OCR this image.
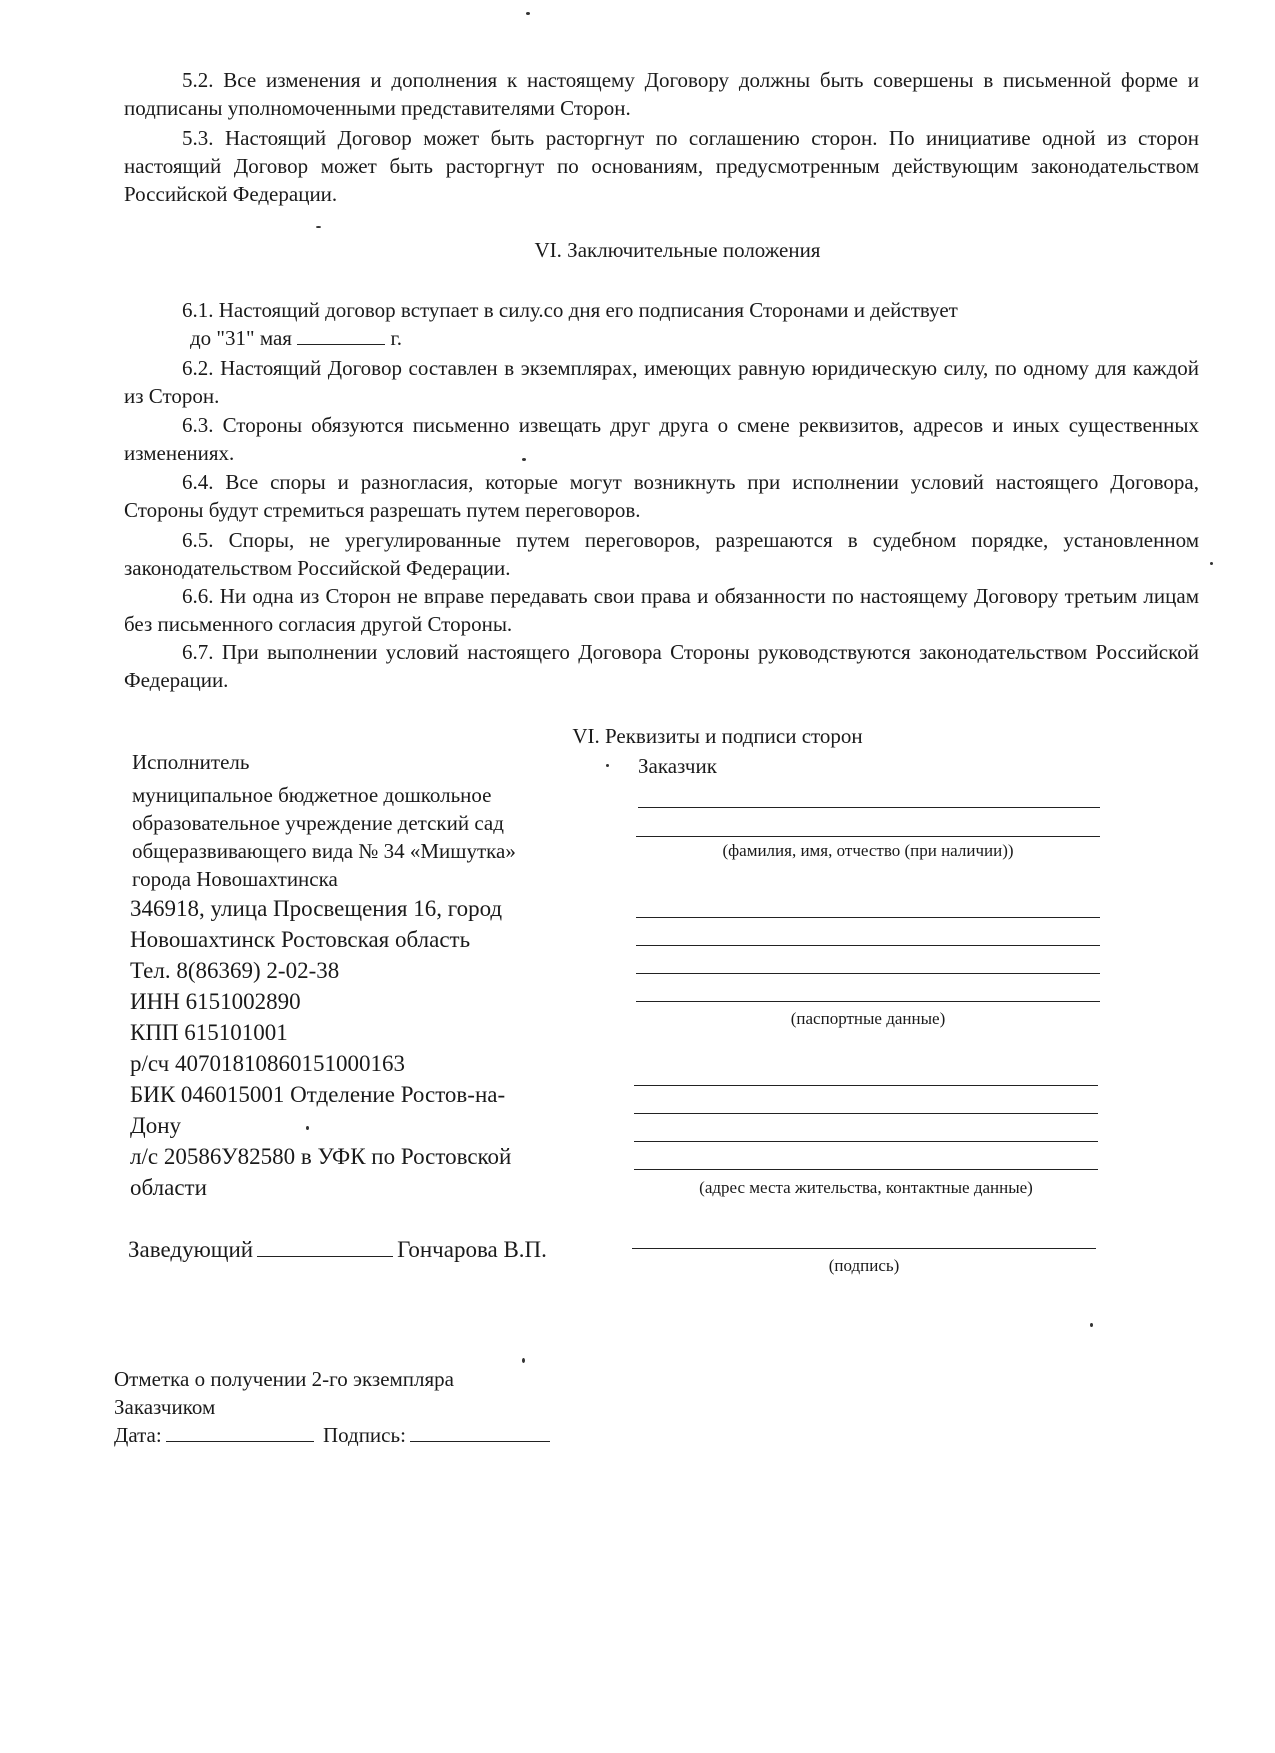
5.2. Все изменения и дополнения к настоящему Договору должны быть совершены в письменной форме и подписаны уполномоченными представителями Сторон.
5.3. Настоящий Договор может быть расторгнут по соглашению сторон. По инициативе одной из сторон настоящий Договор может быть расторгнут по основаниям, предусмотренным действующим законодательством Российской Федерации.
VI. Заключительные положения
6.1. Настоящий договор вступает в силу.со дня его подписания Сторонами и действует
до "31" мая	г.
6.2. Настоящий Договор составлен в экземплярах, имеющих равную юридическую силу, по одному для каждой из Сторон.
6.3. Стороны обязуются письменно извещать друг друга о смене реквизитов, адресов и иных существенных изменениях.
6.4. Все споры и разногласия, которые могут возникнуть при исполнении условий настоящего Договора, Стороны будут стремиться разрешать путем переговоров.
6.5. Споры, не урегулированные путем переговоров, разрешаются в судебном порядке, установленном законодательством Российской Федерации.
6.6. Ни одна из Сторон не вправе передавать свои права и обязанности по настоящему Договору третьим лицам без письменного согласия другой Стороны.
6.7. При выполнении условий настоящего Договора Стороны руководствуются законодательством Российской Федерации.
VI. Реквизиты и подписи сторон
Исполнитель
муниципальное бюджетное дошкольное
образовательное учреждение детский сад
общеразвивающего вида № 34 «Мишутка»
города Новошахтинска
346918, улица Просвещения 16, город
Новошахтинск Ростовская область
Тел. 8(86369) 2-02-38
ИНН 6151002890
КПП 615101001
р/сч 40701810860151000163
БИК 046015001 Отделение Ростов-на-
Дону
л/с 20586У82580 в УФК по Ростовской
области
Заведующий	Гончарова В.П.
Заказчик
(фамилия, имя, отчество (при наличии))
(паспортные данные)
(адрес места жительства, контактные данные)
(подпись)
Отметка о получении 2-го экземпляра
Заказчиком
Дата:	Подпись:
